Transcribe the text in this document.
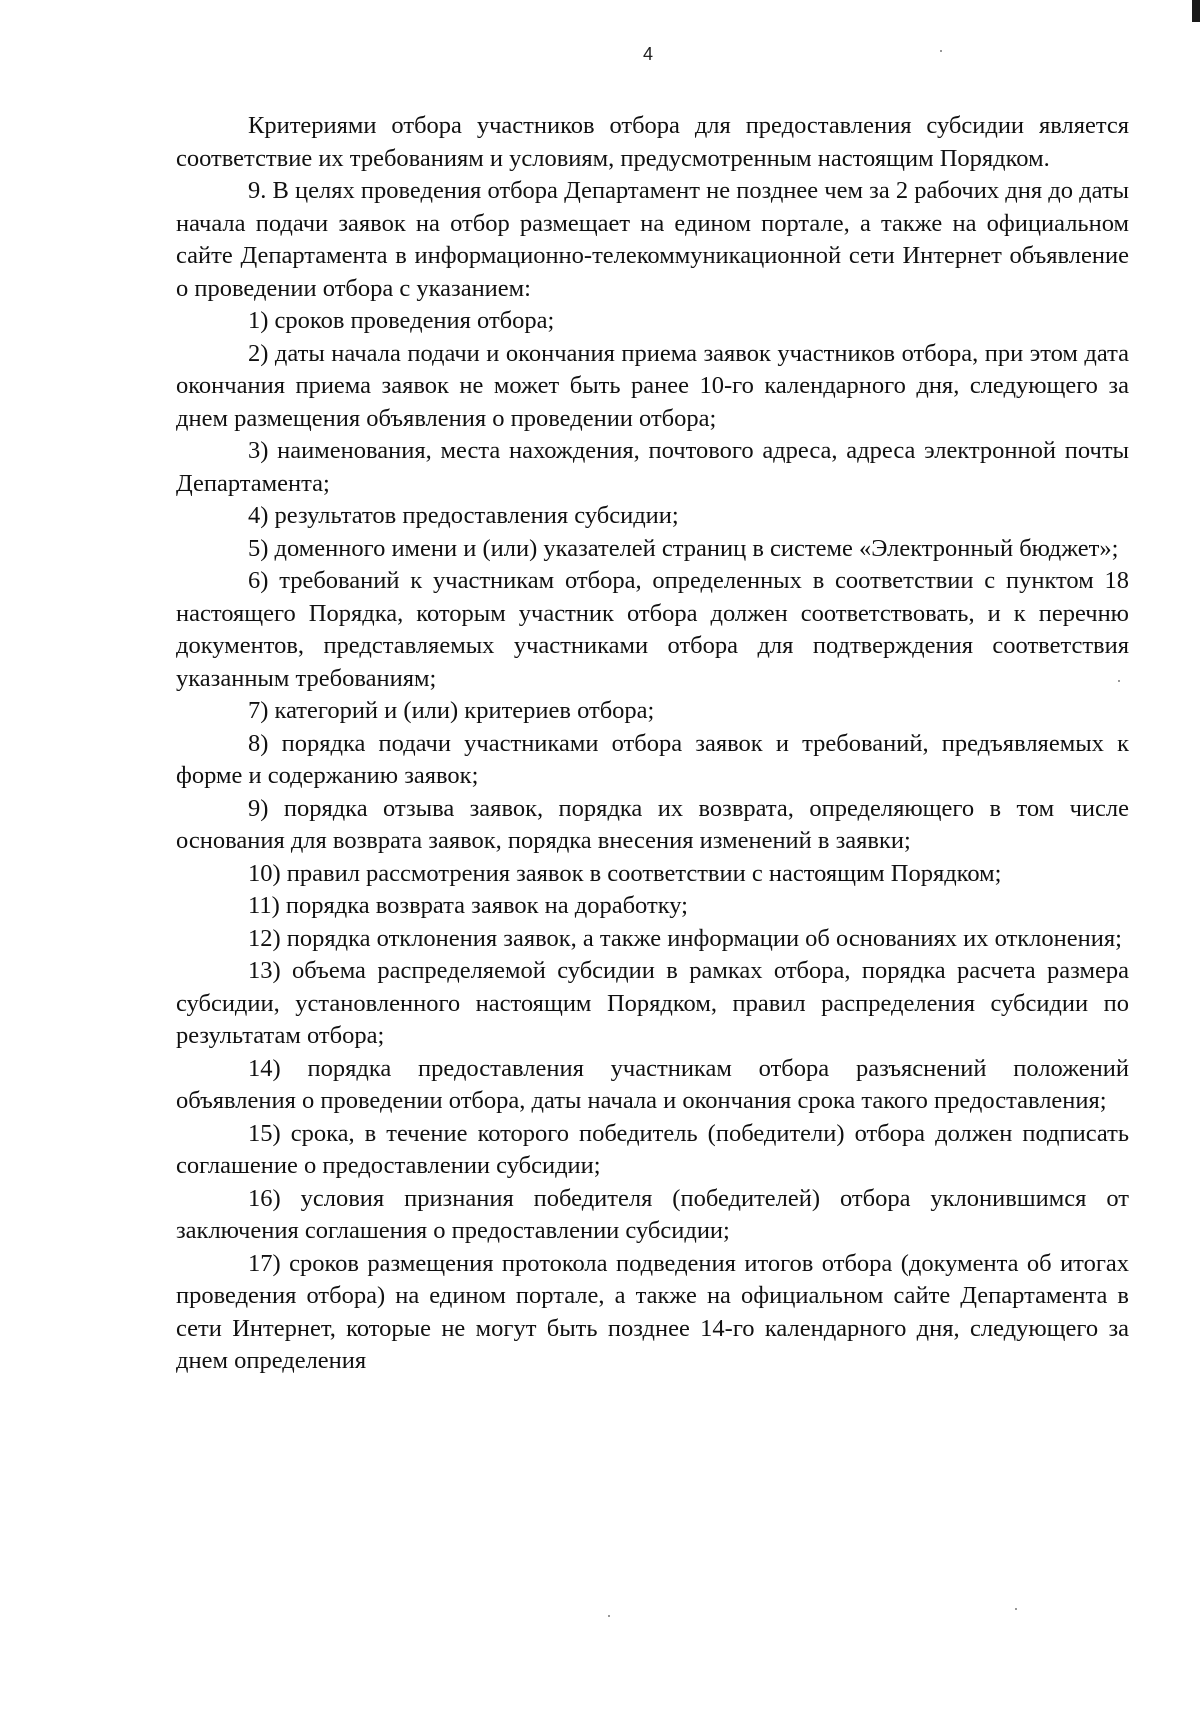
4

Критериями отбора участников отбора для предоставления субсидии является соответствие их требованиям и условиям, предусмотренным настоящим Порядком.

9. В целях проведения отбора Департамент не позднее чем за 2 рабочих дня до даты начала подачи заявок на отбор размещает на едином портале, а также на официальном сайте Департамента в информационно-телекоммуникационной сети Интернет объявление о проведении отбора с указанием:

1) сроков проведения отбора;

2) даты начала подачи и окончания приема заявок участников отбора, при этом дата окончания приема заявок не может быть ранее 10-го календарного дня, следующего за днем размещения объявления о проведении отбора;

3) наименования, места нахождения, почтового адреса, адреса электронной почты Департамента;

4) результатов предоставления субсидии;

5) доменного имени и (или) указателей страниц в системе «Электронный бюджет»;

6) требований к участникам отбора, определенных в соответствии с пунктом 18 настоящего Порядка, которым участник отбора должен соответствовать, и к перечню документов, представляемых участниками отбора для подтверждения соответствия указанным требованиям;

7) категорий и (или) критериев отбора;

8) порядка подачи участниками отбора заявок и требований, предъявляемых к форме и содержанию заявок;

9) порядка отзыва заявок, порядка их возврата, определяющего в том числе основания для возврата заявок, порядка внесения изменений в заявки;

10) правил рассмотрения заявок в соответствии с настоящим Порядком;

11) порядка возврата заявок на доработку;

12) порядка отклонения заявок, а также информации об основаниях их отклонения;

13) объема распределяемой субсидии в рамках отбора, порядка расчета размера субсидии, установленного настоящим Порядком, правил распределения субсидии по результатам отбора;

14) порядка предоставления участникам отбора разъяснений положений объявления о проведении отбора, даты начала и окончания срока такого предоставления;

15) срока, в течение которого победитель (победители) отбора должен подписать соглашение о предоставлении субсидии;

16) условия признания победителя (победителей) отбора уклонившимся от заключения соглашения о предоставлении субсидии;

17) сроков размещения протокола подведения итогов отбора (документа об итогах проведения отбора) на едином портале, а также на официальном сайте Департамента в сети Интернет, которые не могут быть позднее 14-го календарного дня, следующего за днем определения
